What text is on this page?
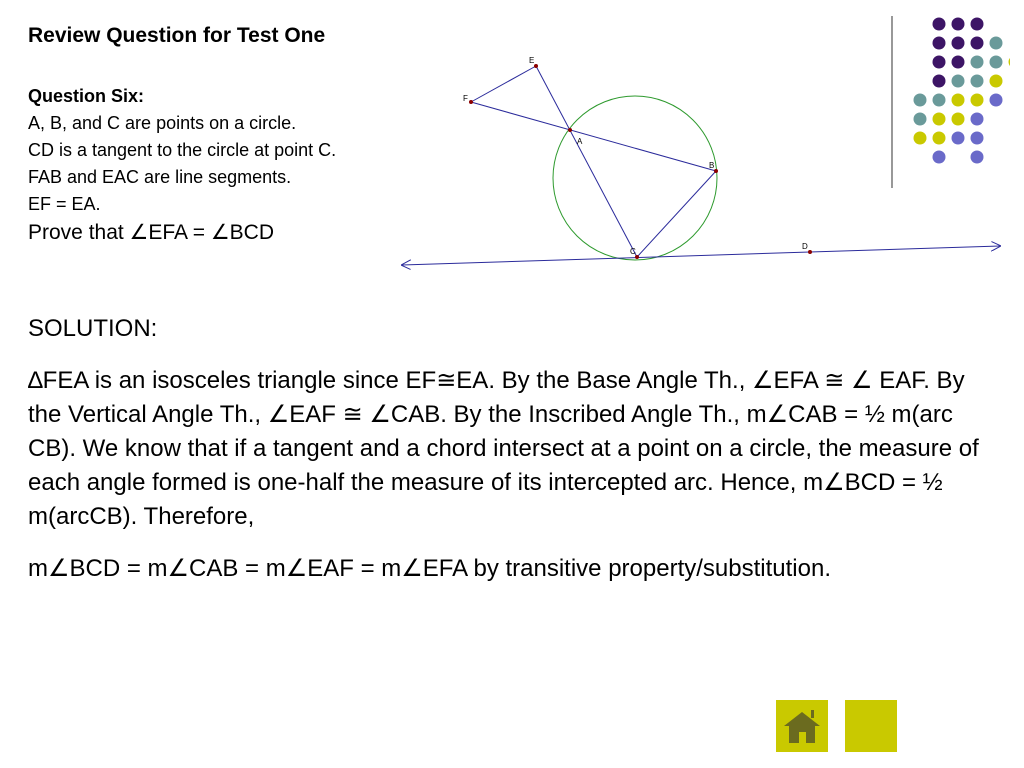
Review Question for Test One
Question Six:
A, B, and C are points on a circle.
CD is a tangent to the circle at point C.
FAB and EAC are line segments.
EF = EA.
Prove that ∠EFA = ∠BCD
E
F
A
B
C
D

SOLUTION:

∆FEA is an isosceles triangle since EF≅EA. By the Base Angle Th., ∠EFA ≅ ∠ EAF. By the Vertical Angle Th., ∠EAF ≅ ∠CAB. By the Inscribed Angle Th., m∠CAB = ½ m(arc CB). We know that if a tangent and a chord intersect at a point on a circle, the measure of each angle formed is one-half the measure of its intercepted arc. Hence, m∠BCD = ½ m(arcCB). Therefore,

m∠BCD = m∠CAB = m∠EAF = m∠EFA by transitive property/substitution.
